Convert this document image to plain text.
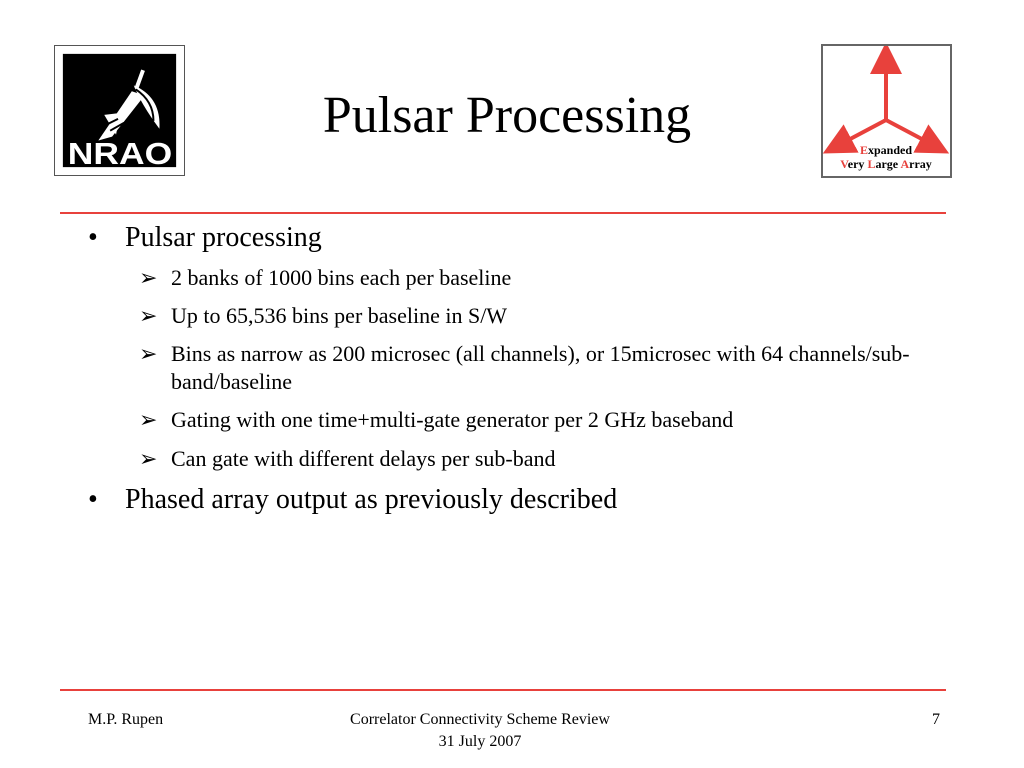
NRAO
Pulsar Processing
Expanded
Very Large Array
• Pulsar processing
➢ 2 banks of 1000 bins each per baseline
➢ Up to 65,536 bins per baseline in S/W
➢ Bins as narrow as 200 microsec (all channels), or 15microsec with 64 channels/sub-band/baseline
➢ Gating with one time+multi-gate generator per 2 GHz baseband
➢ Can gate with different delays per sub-band
• Phased array output as previously described
M.P. Rupen	Correlator Connectivity Scheme Review
31 July 2007
7
